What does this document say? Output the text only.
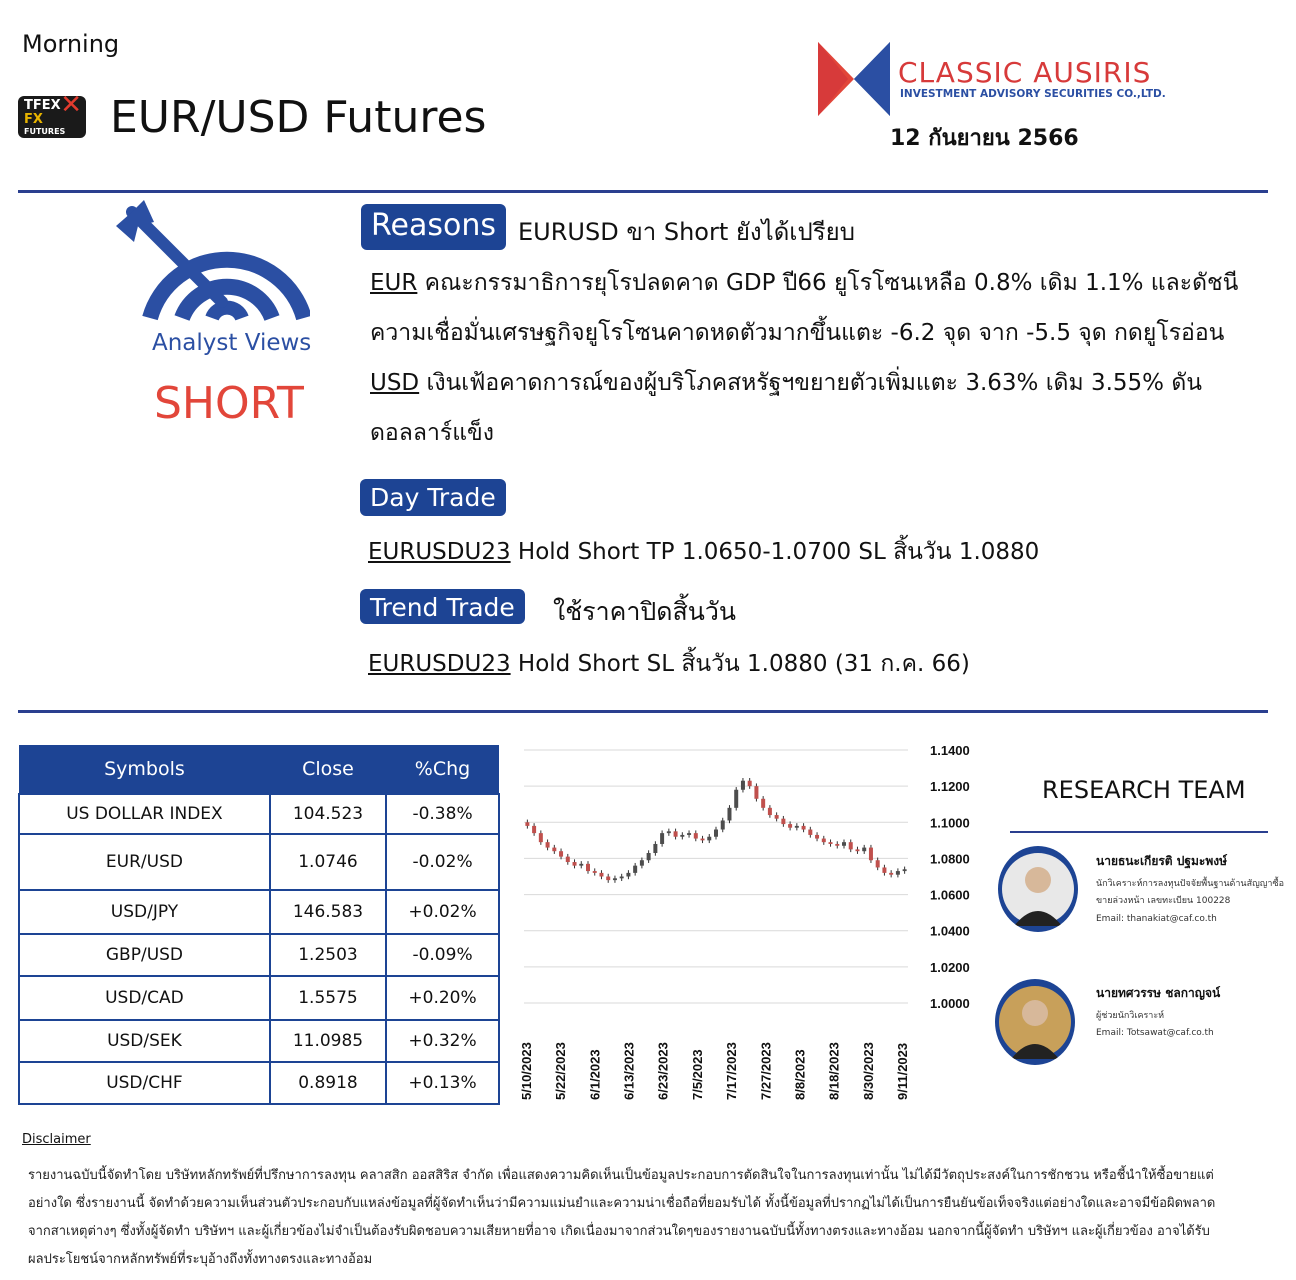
Morning
TFEX
FX
FUTURES
✕ EUR/USD Futures
CLASSIC AUSIRIS
INVESTMENT ADVISORY SECURITIES CO.,LTD.
12 กันยายน 2566
Analyst Views
SHORT
Reasons EURUSD ขา Short ยังได้เปรียบ
EUR คณะกรรมาธิการยุโรปลดคาด GDP ปี66 ยูโรโซนเหลือ 0.8% เดิม 1.1% และดัชนี
ความเชื่อมั่นเศรษฐกิจยูโรโซนคาดหดตัวมากขึ้นแตะ -6.2 จุด จาก -5.5 จุด กดยูโรอ่อน
USD เงินเฟ้อคาดการณ์ของผู้บริโภคสหรัฐฯขยายตัวเพิ่มแตะ 3.63% เดิม 3.55% ดัน
ดอลลาร์แข็ง
Day Trade
EURUSDU23 Hold Short TP 1.0650-1.0700 SL สิ้นวัน 1.0880
Trend Trade	ใช้ราคาปิดสิ้นวัน
EURUSDU23 Hold Short SL สิ้นวัน 1.0880 (31 ก.ค. 66)
Symbols	Close	%Chg
US DOLLAR INDEX	104.523	-0.38%
EUR/USD	1.0746	-0.02%
USD/JPY	146.583	+0.02%
GBP/USD	1.2503	-0.09%
USD/CAD	1.5575	+0.20%
USD/SEK	11.0985	+0.32%
USD/CHF	0.8918	+0.13%
1.1400
1.1200
1.1000
1.0800
1.0600
1.0400
1.0200
1.0000
5/10/2023 5/22/2023 6/1/2023 6/13/2023 6/23/2023 7/5/2023 7/17/2023 7/27/2023 8/8/2023 8/18/2023 8/30/2023 9/11/2023
RESEARCH TEAM
นายธนะเกียรติ ปฐมะพงษ์
นักวิเคราะห์การลงทุนปัจจัยพื้นฐานด้านสัญญาซื้อขายล่วงหน้า เลขทะเบียน 100228
Email: thanakiat@caf.co.th
นายทศวรรษ ชลกาญจน์
ผู้ช่วยนักวิเคราะห์
Email: Totsawat@caf.co.th
Disclaimer
รายงานฉบับนี้จัดทำโดย บริษัทหลักทรัพย์ที่ปรึกษาการลงทุน คลาสสิก ออสสิริส จำกัด เพื่อแสดงความคิดเห็นเป็นข้อมูลประกอบการตัดสินใจในการลงทุนเท่านั้น ไม่ได้มีวัตถุประสงค์ในการชักชวน หรือชี้นำให้ซื้อขายแต่
อย่างใด ซึ่งรายงานนี้ จัดทำด้วยความเห็นส่วนตัวประกอบกับแหล่งข้อมูลที่ผู้จัดทำเห็นว่ามีความแม่นยำและความน่าเชื่อถือที่ยอมรับได้ ทั้งนี้ข้อมูลที่ปรากฏไม่ได้เป็นการยืนยันข้อเท็จจริงแต่อย่างใดและอาจมีข้อผิดพลาด
จากสาเหตุต่างๆ ซึ่งทั้งผู้จัดทำ บริษัทฯ และผู้เกี่ยวข้องไม่จำเป็นต้องรับผิดชอบความเสียหายที่อาจ เกิดเนื่องมาจากส่วนใดๆของรายงานฉบับนี้ทั้งทางตรงและทางอ้อม นอกจากนี้ผู้จัดทำ บริษัทฯ และผู้เกี่ยวข้อง อาจได้รับ
ผลประโยชน์จากหลักทรัพย์ที่ระบุอ้างถึงทั้งทางตรงและทางอ้อม
